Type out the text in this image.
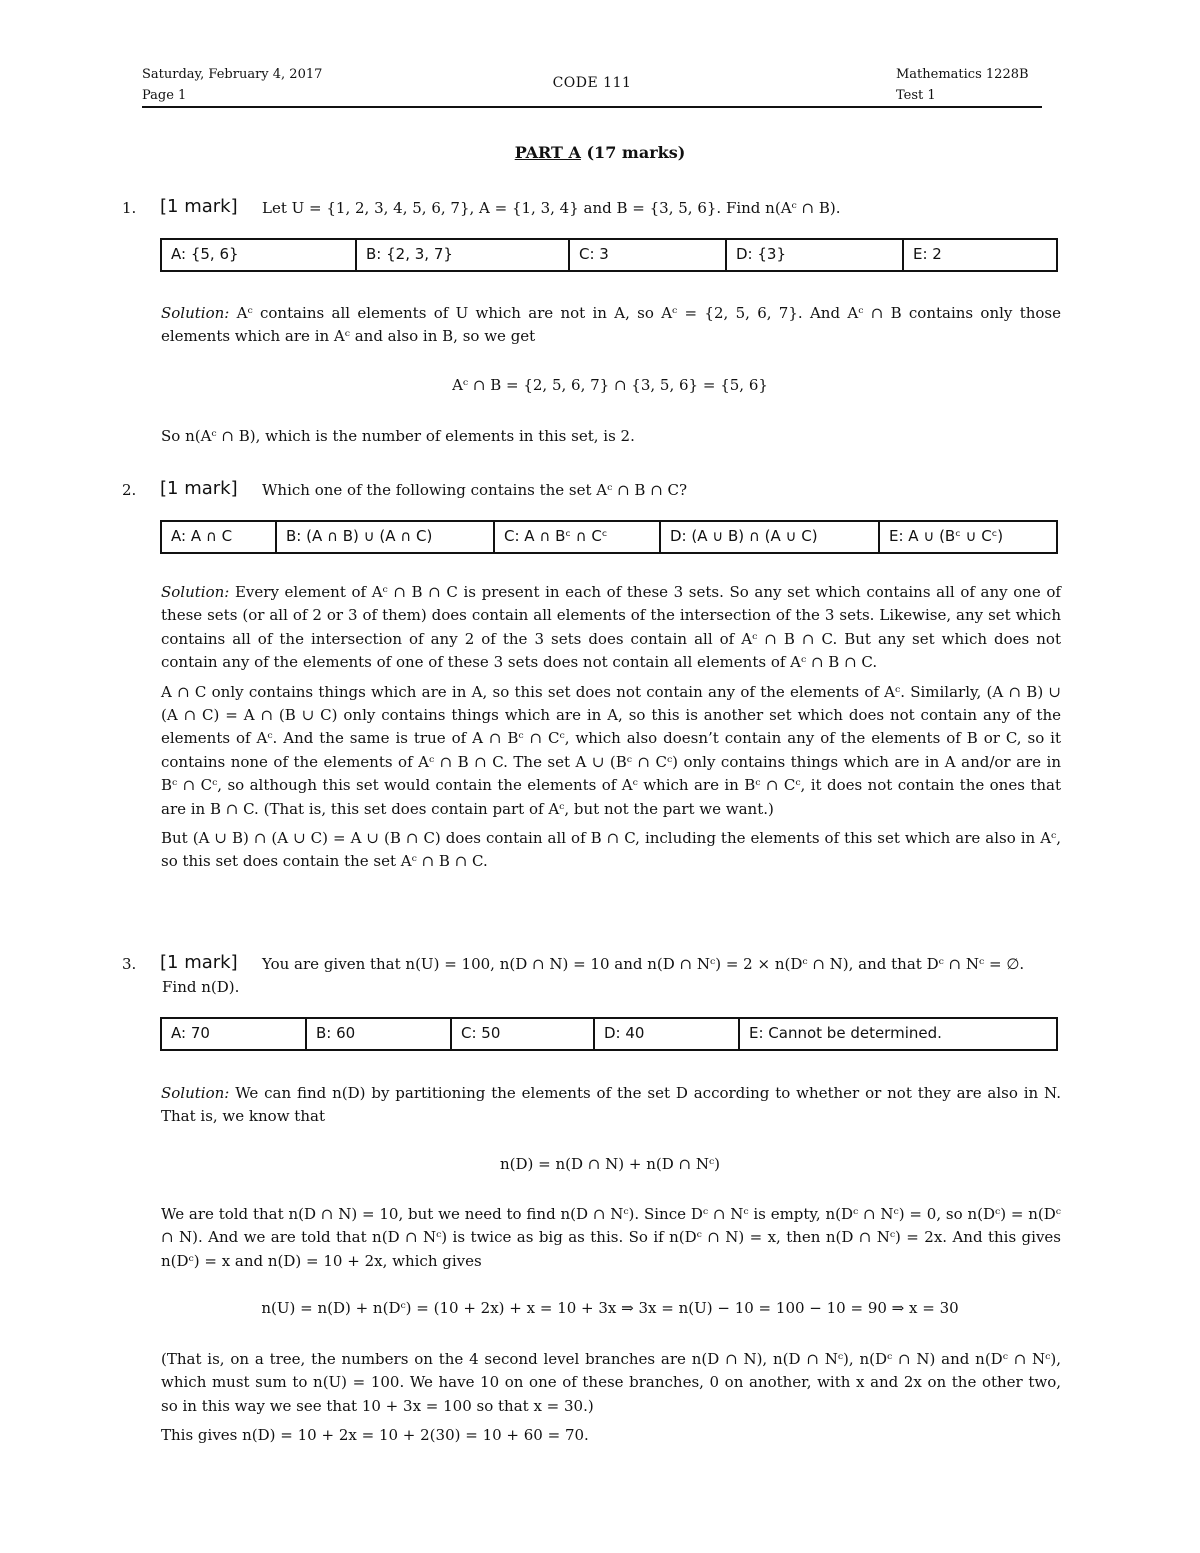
Saturday, February 4, 2017
Page 1
CODE 111
Mathematics 1228B
Test 1
PART A (17 marks)
1. [1 mark] Let U = {1, 2, 3, 4, 5, 6, 7}, A = {1, 3, 4} and B = {3, 5, 6}. Find n(Aᶜ ∩ B).
A: {5, 6}	B: {2, 3, 7}	C: 3	D: {3}	E: 2

Solution: Aᶜ contains all elements of U which are not in A, so Aᶜ = {2, 5, 6, 7}. And Aᶜ ∩ B contains only those elements which are in Aᶜ and also in B, so we get

Aᶜ ∩ B = {2, 5, 6, 7} ∩ {3, 5, 6} = {5, 6}

So n(Aᶜ ∩ B), which is the number of elements in this set, is 2.

2. [1 mark] Which one of the following contains the set Aᶜ ∩ B ∩ C?
A: A ∩ C	B: (A ∩ B) ∪ (A ∩ C)	C: A ∩ Bᶜ ∩ Cᶜ	D: (A ∪ B) ∩ (A ∪ C)	E: A ∪ (Bᶜ ∪ Cᶜ)

Solution: Every element of Aᶜ ∩ B ∩ C is present in each of these 3 sets. So any set which contains all of any one of these sets (or all of 2 or 3 of them) does contain all elements of the intersection of the 3 sets. Likewise, any set which contains all of the intersection of any 2 of the 3 sets does contain all of Aᶜ ∩ B ∩ C. But any set which does not contain any of the elements of one of these 3 sets does not contain all elements of Aᶜ ∩ B ∩ C.

A ∩ C only contains things which are in A, so this set does not contain any of the elements of Aᶜ. Similarly, (A ∩ B) ∪ (A ∩ C) = A ∩ (B ∪ C) only contains things which are in A, so this is another set which does not contain any of the elements of Aᶜ. And the same is true of A ∩ Bᶜ ∩ Cᶜ, which also doesn’t contain any of the elements of B or C, so it contains none of the elements of Aᶜ ∩ B ∩ C. The set A ∪ (Bᶜ ∩ Cᶜ) only contains things which are in A and/or are in Bᶜ ∩ Cᶜ, so although this set would contain the elements of Aᶜ which are in Bᶜ ∩ Cᶜ, it does not contain the ones that are in B ∩ C. (That is, this set does contain part of Aᶜ, but not the part we want.)

But (A ∪ B) ∩ (A ∪ C) = A ∪ (B ∩ C) does contain all of B ∩ C, including the elements of this set which are also in Aᶜ, so this set does contain the set Aᶜ ∩ B ∩ C.

3. [1 mark]	You are given that n(U) = 100, n(D ∩ N) = 10 and n(D ∩ Nᶜ) = 2 × n(Dᶜ ∩ N), and that Dᶜ ∩ Nᶜ = ∅. Find n(D).
A: 70	B: 60	C: 50	D: 40	E: Cannot be determined.

Solution: We can find n(D) by partitioning the elements of the set D according to whether or not they are also in N. That is, we know that

n(D) = n(D ∩ N) + n(D ∩ Nᶜ)

We are told that n(D ∩ N) = 10, but we need to find n(D ∩ Nᶜ). Since Dᶜ ∩ Nᶜ is empty, n(Dᶜ ∩ Nᶜ) = 0, so n(Dᶜ) = n(Dᶜ ∩ N). And we are told that n(D ∩ Nᶜ) is twice as big as this. So if n(Dᶜ ∩ N) = x, then n(D ∩ Nᶜ) = 2x. And this gives n(Dᶜ) = x and n(D) = 10 + 2x, which gives

n(U) = n(D) + n(Dᶜ) = (10 + 2x) + x = 10 + 3x ⇒ 3x = n(U) − 10 = 100 − 10 = 90 ⇒ x = 30

(That is, on a tree, the numbers on the 4 second level branches are n(D ∩ N), n(D ∩ Nᶜ), n(Dᶜ ∩ N) and n(Dᶜ ∩ Nᶜ), which must sum to n(U) = 100. We have 10 on one of these branches, 0 on another, with x and 2x on the other two, so in this way we see that 10 + 3x = 100 so that x = 30.)

This gives n(D) = 10 + 2x = 10 + 2(30) = 10 + 60 = 70.
